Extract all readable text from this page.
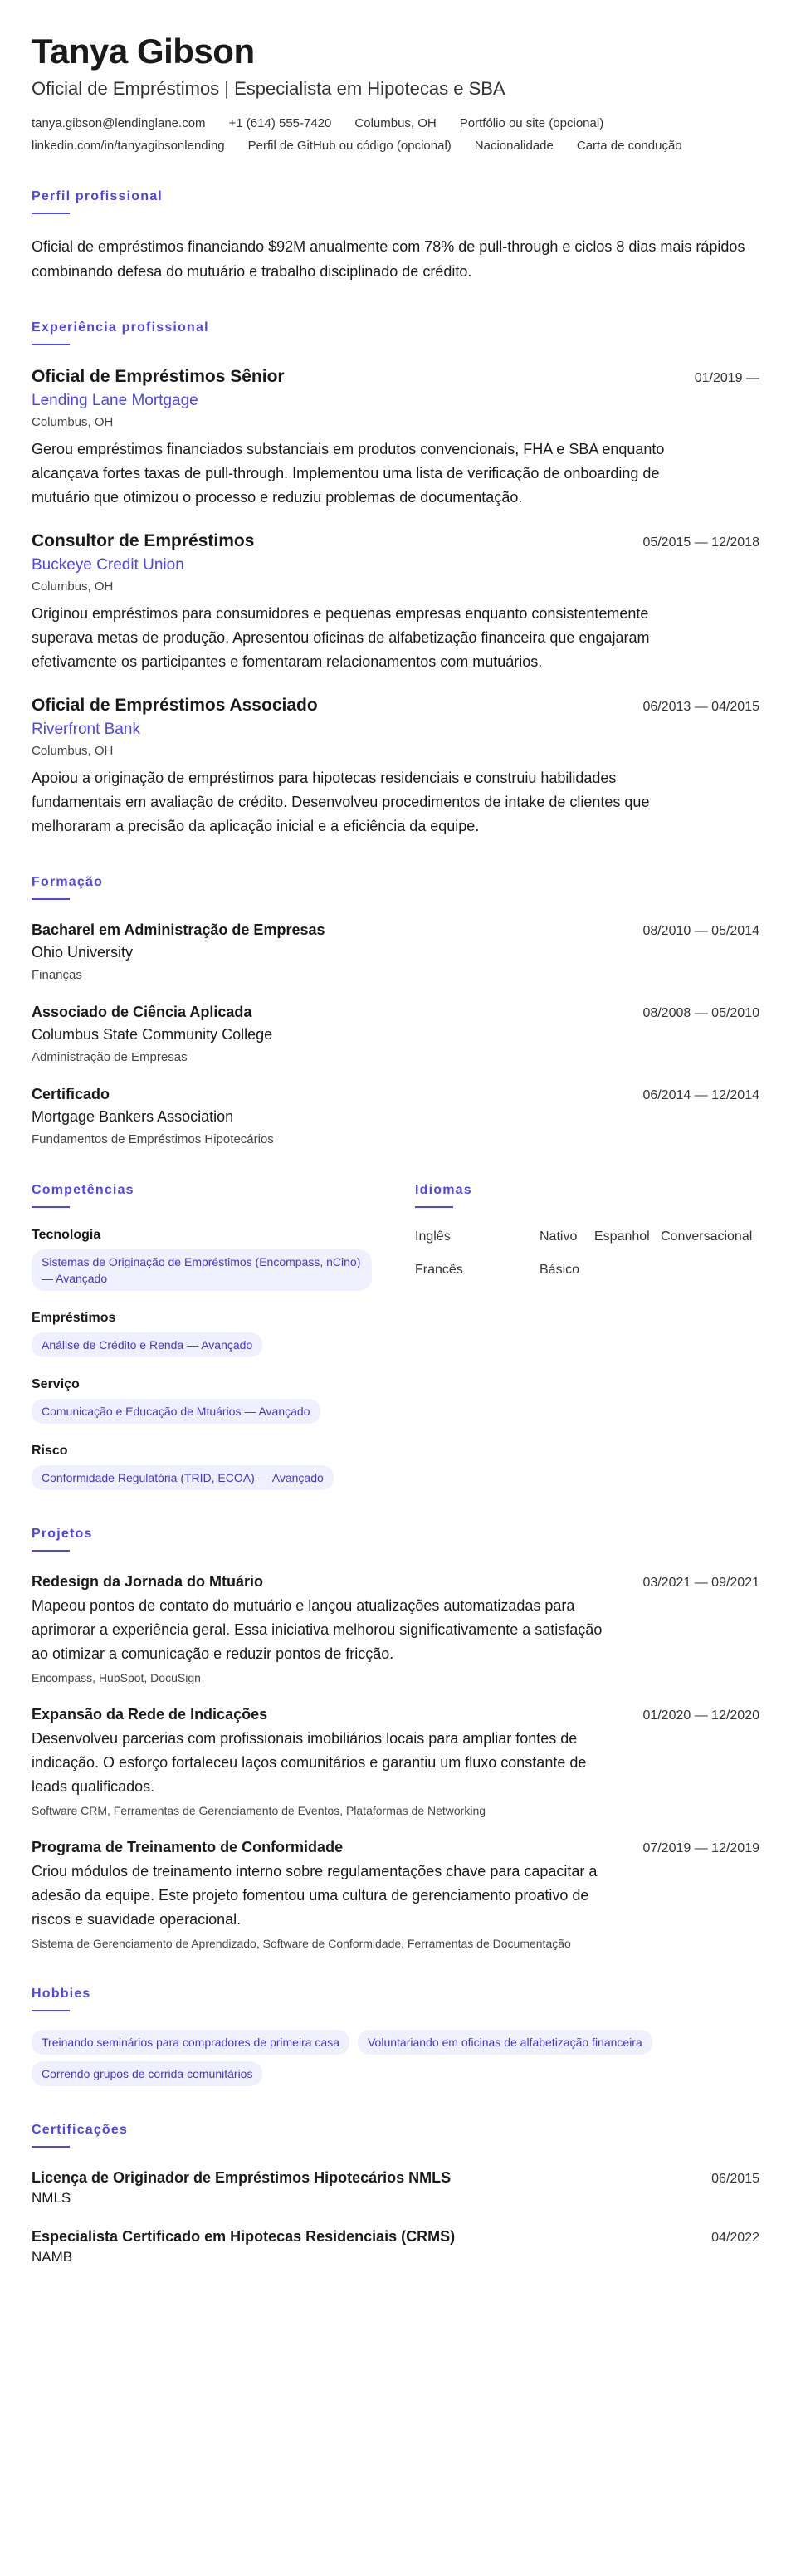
Tanya Gibson
Oficial de Empréstimos | Especialista em Hipotecas e SBA
tanya.gibson@lendinglane.com +1 (614) 555-7420 Columbus, OH Portfólio ou site (opcional)
linkedin.com/in/tanyagibsonlending Perfil de GitHub ou código (opcional) Nacionalidade Carta de condução
Perfil profissional
Oficial de empréstimos financiando $92M anualmente com 78% de pull-through e ciclos 8 dias mais rápidos combinando defesa do mutuário e trabalho disciplinado de crédito.
Experiência profissional
Oficial de Empréstimos Sênior	01/2019 —
Lending Lane Mortgage
Columbus, OH
Gerou empréstimos financiados substanciais em produtos convencionais, FHA e SBA enquanto alcançava fortes taxas de pull-through. Implementou uma lista de verificação de onboarding de mutuário que otimizou o processo e reduziu problemas de documentação.
Consultor de Empréstimos	05/2015 — 12/2018
Buckeye Credit Union
Columbus, OH
Originou empréstimos para consumidores e pequenas empresas enquanto consistentemente superava metas de produção. Apresentou oficinas de alfabetização financeira que engajaram efetivamente os participantes e fomentaram relacionamentos com mutuários.
Oficial de Empréstimos Associado	06/2013 — 04/2015
Riverfront Bank
Columbus, OH
Apoiou a originação de empréstimos para hipotecas residenciais e construiu habilidades fundamentais em avaliação de crédito. Desenvolveu procedimentos de intake de clientes que melhoraram a precisão da aplicação inicial e a eficiência da equipe.
Formação
Bacharel em Administração de Empresas	08/2010 — 05/2014
Ohio University
Finanças
Associado de Ciência Aplicada	08/2008 — 05/2010
Columbus State Community College
Administração de Empresas
Certificado	06/2014 — 12/2014
Mortgage Bankers Association
Fundamentos de Empréstimos Hipotecários
Competências
Tecnologia
Sistemas de Originação de Empréstimos (Encompass, nCino) — Avançado
Empréstimos
Análise de Crédito e Renda — Avançado
Serviço
Comunicação e Educação de Mtuários — Avançado
Risco
Conformidade Regulatória (TRID, ECOA) — Avançado
Idiomas
Inglês	Nativo	Espanhol Conversacional
Francês	Básico
Projetos
Redesign da Jornada do Mtuário	03/2021 — 09/2021
Mapeou pontos de contato do mutuário e lançou atualizações automatizadas para aprimorar a experiência geral. Essa iniciativa melhorou significativamente a satisfação ao otimizar a comunicação e reduzir pontos de fricção.
Encompass, HubSpot, DocuSign
Expansão da Rede de Indicações	01/2020 — 12/2020
Desenvolveu parcerias com profissionais imobiliários locais para ampliar fontes de indicação. O esforço fortaleceu laços comunitários e garantiu um fluxo constante de leads qualificados.
Software CRM, Ferramentas de Gerenciamento de Eventos, Plataformas de Networking
Programa de Treinamento de Conformidade	07/2019 — 12/2019
Criou módulos de treinamento interno sobre regulamentações chave para capacitar a adesão da equipe. Este projeto fomentou uma cultura de gerenciamento proativo de riscos e suavidade operacional.
Sistema de Gerenciamento de Aprendizado, Software de Conformidade, Ferramentas de Documentação
Hobbies
Treinando seminários para compradores de primeira casa	Voluntariando em oficinas de alfabetização financeira
Correndo grupos de corrida comunitários
Certificações
Licença de Originador de Empréstimos Hipotecários NMLS	06/2015
NMLS
Especialista Certificado em Hipotecas Residenciais (CRMS)	04/2022
NAMB
